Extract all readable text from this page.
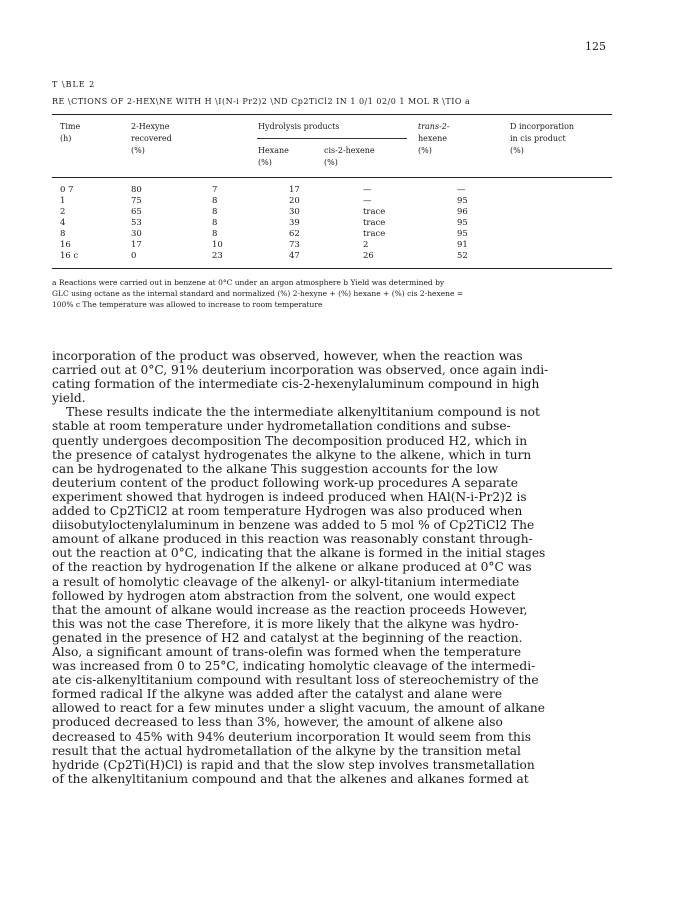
125
T \BLE 2
RE \CTIONS OF 2-HEX\NE WITH H \I(N-i Pr2)2 \ND Cp2TiCl2 IN 1 0/1 02/0 1 MOL R \TIO a
Time
(h)
2-Hexyne
recovered
(%)
Hydrolysis products
Hexane
(%)
cis-2-hexene
(%)
trans-2-
hexene
(%)
D incorporation
in cis product
(%)
0 7	80	7	17	—	—
1	75	8	20	—	95
2	65	8	30	trace	96
4	53	8	39	trace	95
8	30	8	62	trace	95
16	17	10	73	2	91
16 c	0	23	47	26	52
a Reactions were carried out in benzene at 0°C under an argon atmosphere b Yield was determined by
GLC using octane as the internal standard and normalized (%) 2-hexyne + (%) hexane + (%) cis 2-hexene =
100% c The temperature was allowed to increase to room temperature
incorporation of the product was observed, however, when the reaction was
carried out at 0°C, 91% deuterium incorporation was observed, once again indi-
cating formation of the intermediate cis-2-hexenylaluminum compound in high
yield.
These results indicate the the intermediate alkenyltitanium compound is not
stable at room temperature under hydrometallation conditions and subse-
quently undergoes decomposition The decomposition produced H2, which in
the presence of catalyst hydrogenates the alkyne to the alkene, which in turn
can be hydrogenated to the alkane This suggestion accounts for the low
deuterium content of the product following work-up procedures A separate
experiment showed that hydrogen is indeed produced when HAl(N-i-Pr2)2 is
added to Cp2TiCl2 at room temperature Hydrogen was also produced when
diisobutyloctenylaluminum in benzene was added to 5 mol % of Cp2TiCl2 The
amount of alkane produced in this reaction was reasonably constant through-
out the reaction at 0°C, indicating that the alkane is formed in the initial stages
of the reaction by hydrogenation If the alkene or alkane produced at 0°C was
a result of homolytic cleavage of the alkenyl- or alkyl-titanium intermediate
followed by hydrogen atom abstraction from the solvent, one would expect
that the amount of alkane would increase as the reaction proceeds However,
this was not the case Therefore, it is more likely that the alkyne was hydro-
genated in the presence of H2 and catalyst at the beginning of the reaction.
Also, a significant amount of trans-olefin was formed when the temperature
was increased from 0 to 25°C, indicating homolytic cleavage of the intermedi-
ate cis-alkenyltitanium compound with resultant loss of stereochemistry of the
formed radical If the alkyne was added after the catalyst and alane were
allowed to react for a few minutes under a slight vacuum, the amount of alkane
produced decreased to less than 3%, however, the amount of alkene also
decreased to 45% with 94% deuterium incorporation It would seem from this
result that the actual hydrometallation of the alkyne by the transition metal
hydride (Cp2Ti(H)Cl) is rapid and that the slow step involves transmetallation
of the alkenyltitanium compound and that the alkenes and alkanes formed at
